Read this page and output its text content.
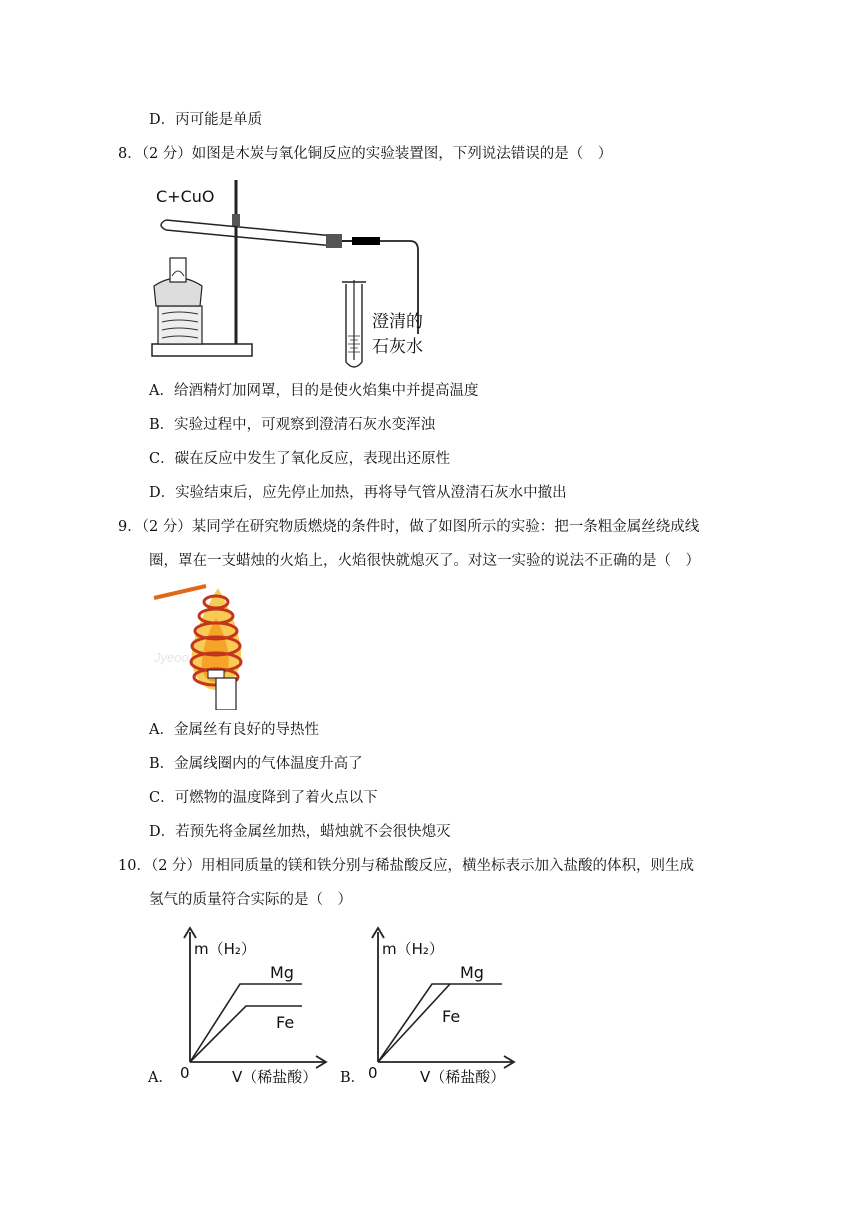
D．丙可能是单质
8．（2 分）如图是木炭与氧化铜反应的实验装置图，下列说法错误的是（　）
C+CuO
澄清的
石灰水
A．给酒精灯加网罩，目的是使火焰集中并提高温度
B．实验过程中，可观察到澄清石灰水变浑浊
C．碳在反应中发生了氧化反应，表现出还原性
D．实验结束后，应先停止加热，再将导气管从澄清石灰水中撤出
9．（2 分）某同学在研究物质燃烧的条件时，做了如图所示的实验：把一条粗金属丝绕成线
圈，罩在一支蜡烛的火焰上，火焰很快就熄灭了。对这一实验的说法不正确的是（　）
Jyeoo
A．金属丝有良好的导热性
B．金属线圈内的气体温度升高了
C．可燃物的温度降到了着火点以下
D．若预先将金属丝加热，蜡烛就不会很快熄灭
10．（2 分）用相同质量的镁和铁分别与稀盐酸反应，横坐标表示加入盐酸的体积，则生成
氢气的质量符合实际的是（　）
m（H₂）
Mg
Fe
0	V（稀盐酸）
A．
m（H₂）
Mg
Fe
0	V（稀盐酸）
B．
